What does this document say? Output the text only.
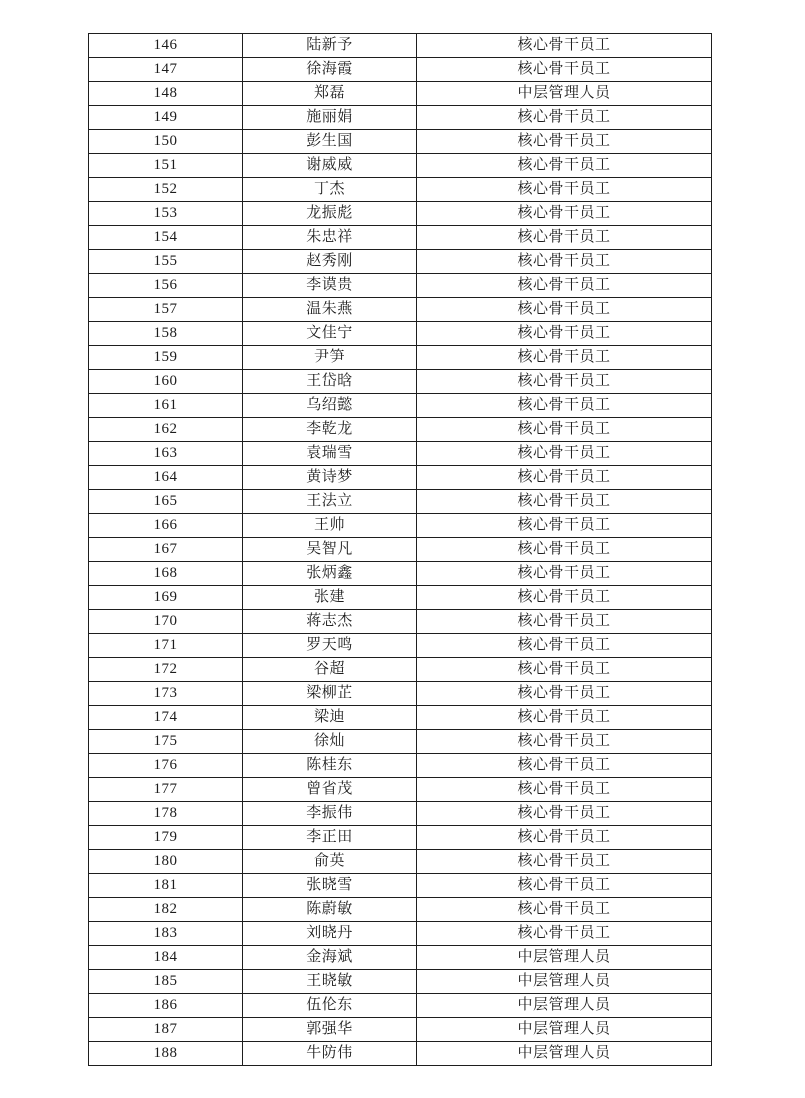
146	陆新予	核心骨干员工
147	徐海霞	核心骨干员工
148	郑磊	中层管理人员
149	施丽娟	核心骨干员工
150	彭生国	核心骨干员工
151	谢威威	核心骨干员工
152	丁杰	核心骨干员工
153	龙振彪	核心骨干员工
154	朱忠祥	核心骨干员工
155	赵秀刚	核心骨干员工
156	李谟贵	核心骨干员工
157	温朱燕	核心骨干员工
158	文佳宁	核心骨干员工
159	尹笋	核心骨干员工
160	王岱晗	核心骨干员工
161	乌绍懿	核心骨干员工
162	李乾龙	核心骨干员工
163	袁瑞雪	核心骨干员工
164	黄诗梦	核心骨干员工
165	王法立	核心骨干员工
166	王帅	核心骨干员工
167	吴智凡	核心骨干员工
168	张炳鑫	核心骨干员工
169	张建	核心骨干员工
170	蒋志杰	核心骨干员工
171	罗天鸣	核心骨干员工
172	谷超	核心骨干员工
173	梁柳芷	核心骨干员工
174	梁迪	核心骨干员工
175	徐灿	核心骨干员工
176	陈桂东	核心骨干员工
177	曾省茂	核心骨干员工
178	李振伟	核心骨干员工
179	李正田	核心骨干员工
180	俞英	核心骨干员工
181	张晓雪	核心骨干员工
182	陈蔚敏	核心骨干员工
183	刘晓丹	核心骨干员工
184	金海斌	中层管理人员
185	王晓敏	中层管理人员
186	伍伦东	中层管理人员
187	郭强华	中层管理人员
188	牛防伟	中层管理人员
